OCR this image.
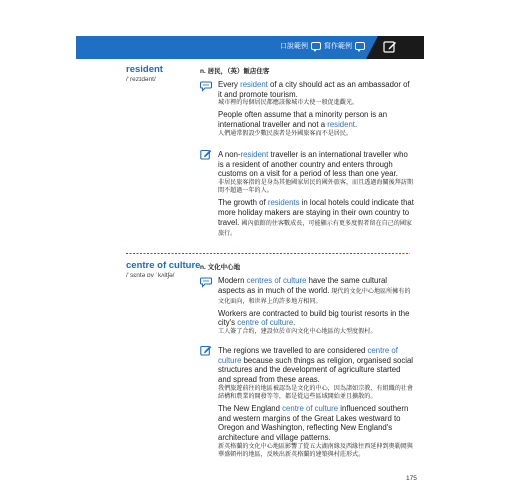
口說範例 寫作範例
resident
/ˈrezɪdənt/
n. 居民，（英）飯店住客
Every resident of a city should act as an ambassador of it and promote tourism.
城市裡的每個居民都應該像城市大使一般促進觀光。
People often assume that a minority person is an international traveller and not a resident.
人們通常假設少數民族者是外國旅客而不是居民。
A non-resident traveller is an international traveller who is a resident of another country and enters through customs on a visit for a period of less than one year.
非居民旅客指的是身為其他國家居民的國外旅客，而且透過海關後拜訪期間不超過一年的人。
The growth of residents in local hotels could indicate that more holiday makers are staying in their own country to travel. 國內旅館的住客數成長，可能顯示有更多度假者留在自己的國家旅行。
centre of culture
/ˈsɛntə ɒv ˈkʌltʃə/
n. 文化中心地
Modern centres of culture have the same cultural aspects as in much of the world. 現代的文化中心地區所擁有的文化面向，和世界上的許多地方相同。
Workers are contracted to build big tourist resorts in the city's centre of culture.
工人簽了合約，建設位於市內文化中心地區的大型度假村。
The regions we travelled to are considered centre of culture because such things as religion, organised social structures and the development of agriculture started and spread from these areas.
我們旅遊前往的地區被認為是文化的中心，因為諸如宗教、有組織的社會結構和農業的開發等等，都是從這些區域開始並且擴散的。
The New England centre of culture influenced southern and western margins of the Great Lakes westward to Oregon and Washington, reflecting New England's architecture and village patterns.
新英格蘭的文化中心地區影響了從五大湖南緣及西緣往西延伸到奧勒岡與華盛頓州的地區，反映出新英格蘭的建築與村莊形式。
175
